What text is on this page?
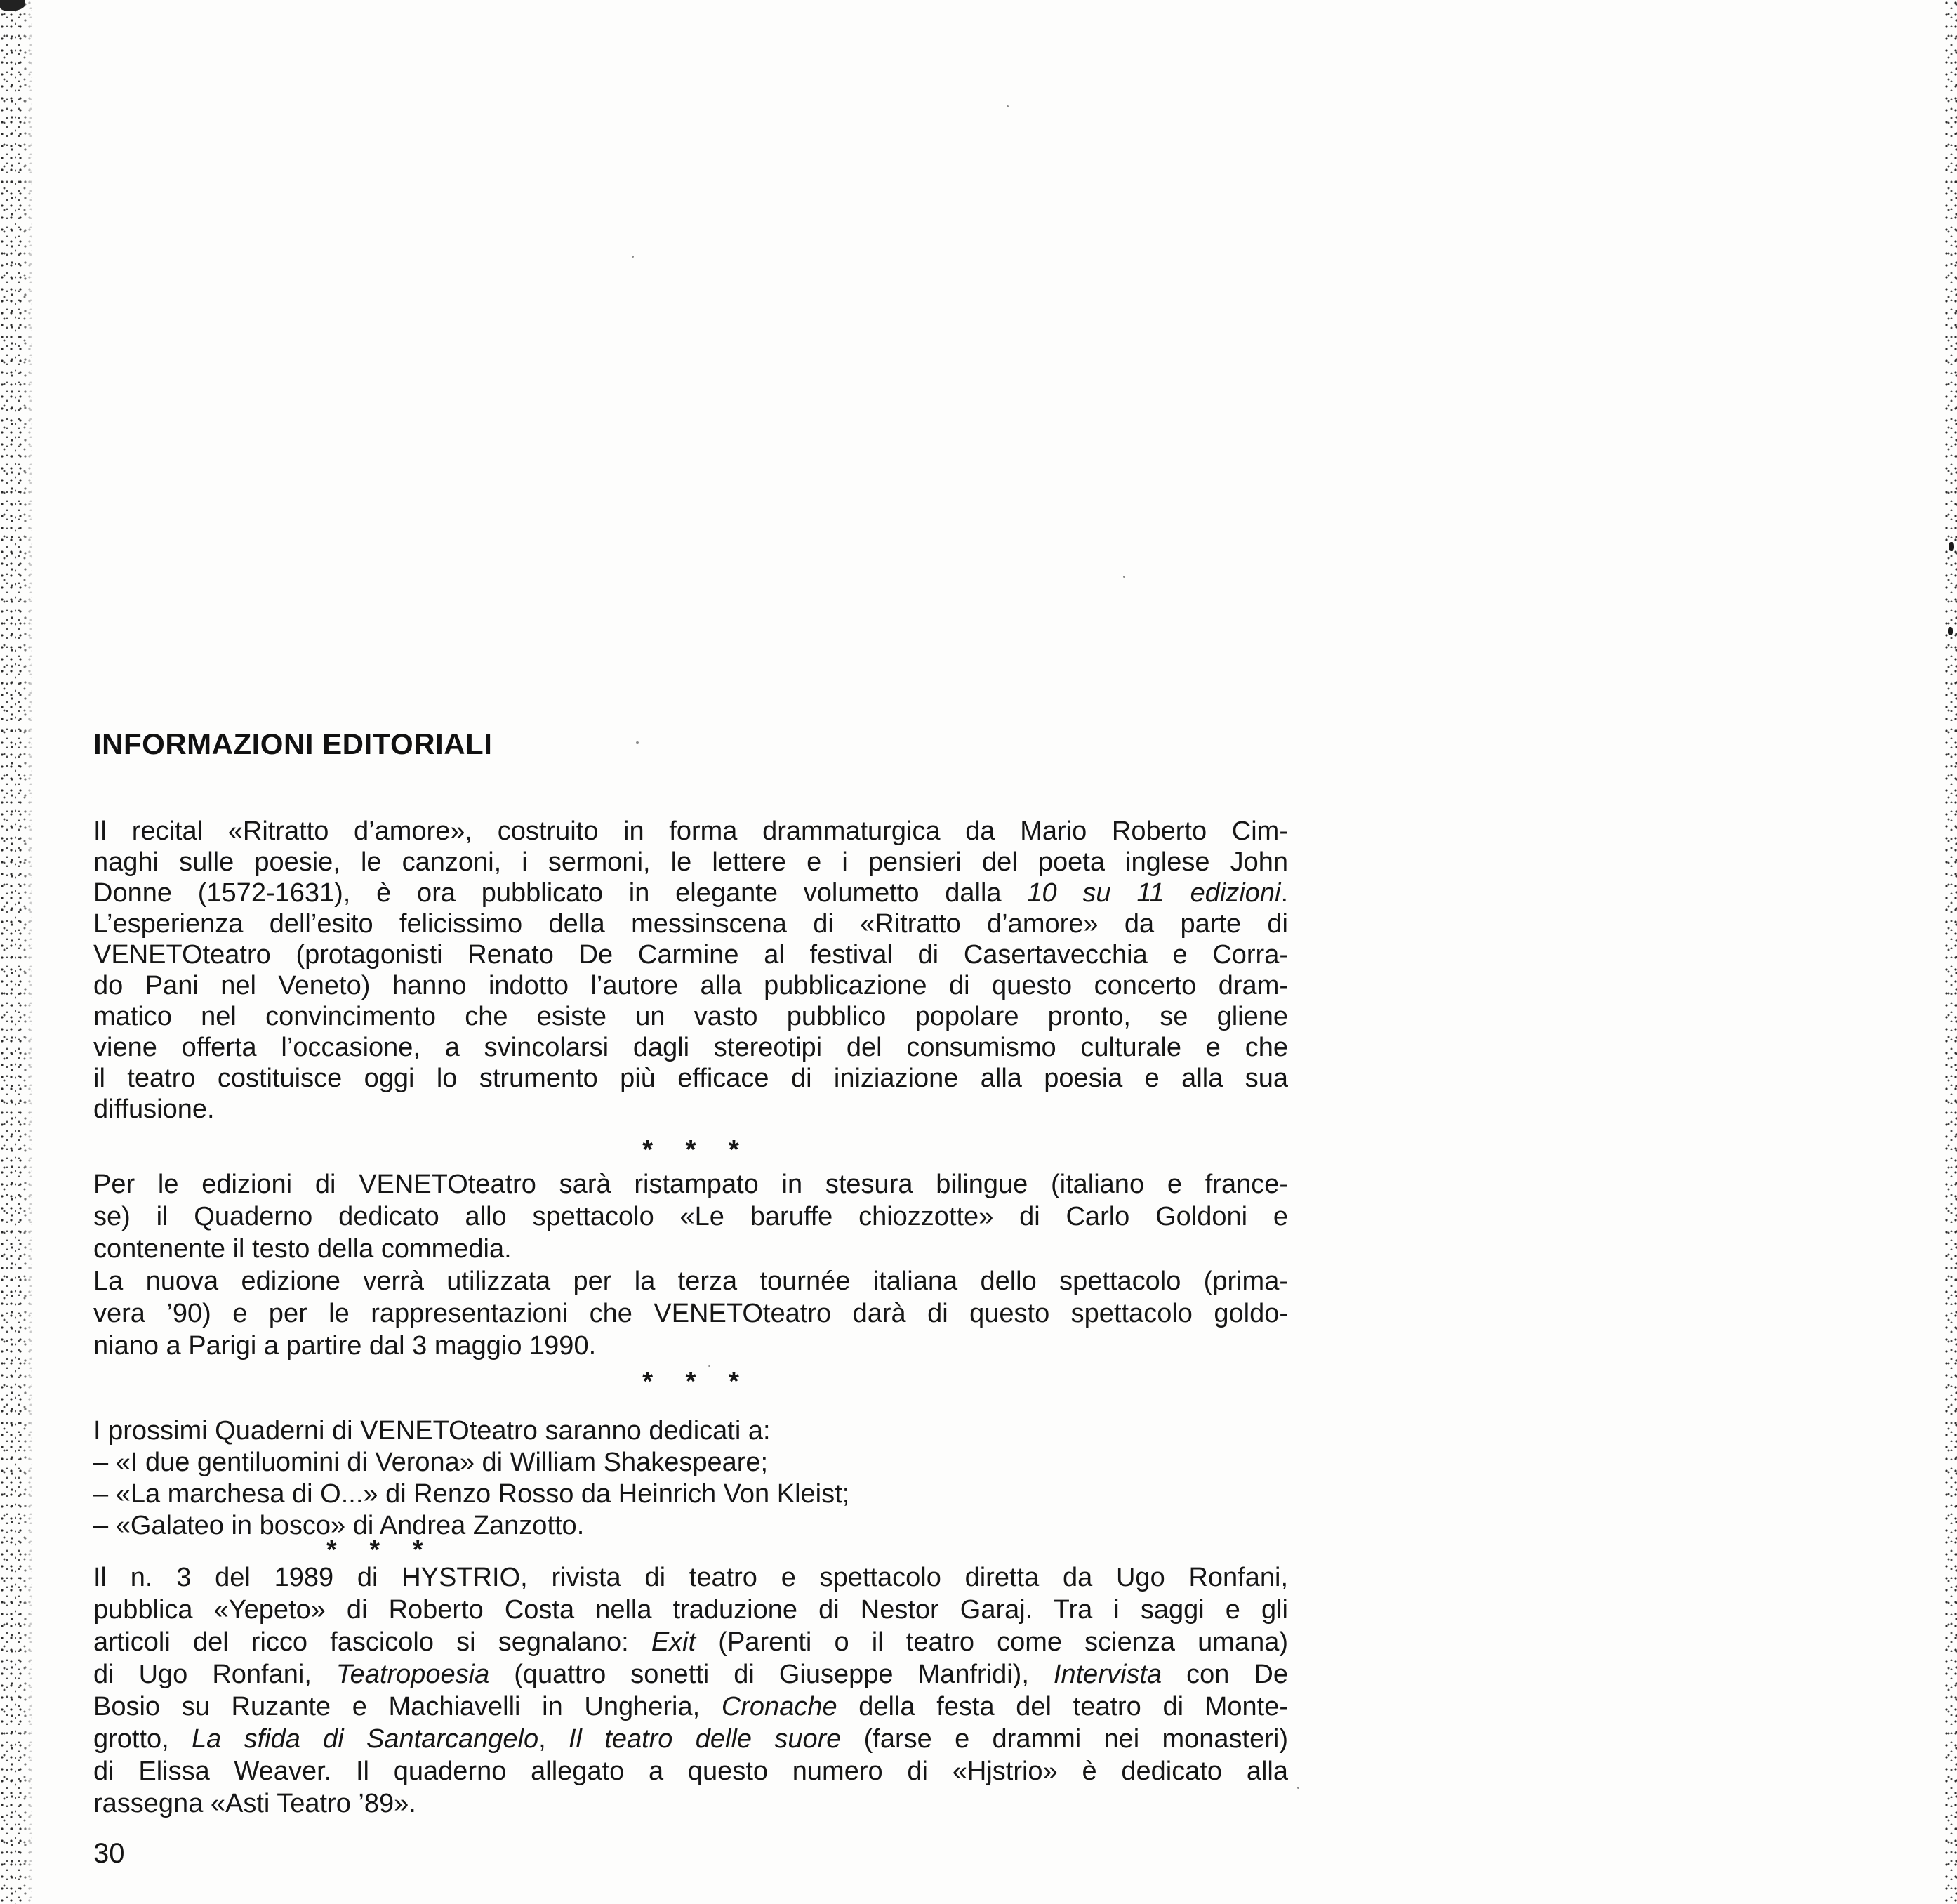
INFORMAZIONI EDITORIALI
Il recital «Ritratto d’amore», costruito in forma drammaturgica da Mario Roberto Cim-
naghi sulle poesie, le canzoni, i sermoni, le lettere e i pensieri del poeta inglese John
Donne (1572-1631), è ora pubblicato in elegante volumetto dalla 10 su 11 edizioni.
L’esperienza dell’esito felicissimo della messinscena di «Ritratto d’amore» da parte di
VENETOteatro (protagonisti Renato De Carmine al festival di Casertavecchia e Corra-
do Pani nel Veneto) hanno indotto l’autore alla pubblicazione di questo concerto dram-
matico nel convincimento che esiste un vasto pubblico popolare pronto, se gliene
viene offerta l’occasione, a svincolarsi dagli stereotipi del consumismo culturale e che
il teatro costituisce oggi lo strumento più efficace di iniziazione alla poesia e alla sua
diffusione.
* * *
Per le edizioni di VENETOteatro sarà ristampato in stesura bilingue (italiano e france-
se) il Quaderno dedicato allo spettacolo «Le baruffe chiozzotte» di Carlo Goldoni e
contenente il testo della commedia.
La nuova edizione verrà utilizzata per la terza tournée italiana dello spettacolo (prima-
vera ’90) e per le rappresentazioni che VENETOteatro darà di questo spettacolo goldo-
niano a Parigi a partire dal 3 maggio 1990.
* * *
I prossimi Quaderni di VENETOteatro saranno dedicati a:
– «I due gentiluomini di Verona» di William Shakespeare;
– «La marchesa di O...» di Renzo Rosso da Heinrich Von Kleist;
– «Galateo in bosco» di Andrea Zanzotto.
* * *
Il n. 3 del 1989 di HYSTRIO, rivista di teatro e spettacolo diretta da Ugo Ronfani,
pubblica «Yepeto» di Roberto Costa nella traduzione di Nestor Garaj. Tra i saggi e gli
articoli del ricco fascicolo si segnalano: Exit (Parenti o il teatro come scienza umana)
di Ugo Ronfani, Teatropoesia (quattro sonetti di Giuseppe Manfridi), Intervista con De
Bosio su Ruzante e Machiavelli in Ungheria, Cronache della festa del teatro di Monte-
grotto, La sfida di Santarcangelo, Il teatro delle suore (farse e drammi nei monasteri)
di Elissa Weaver. Il quaderno allegato a questo numero di «Hjstrio» è dedicato alla
rassegna «Asti Teatro ’89».
30
